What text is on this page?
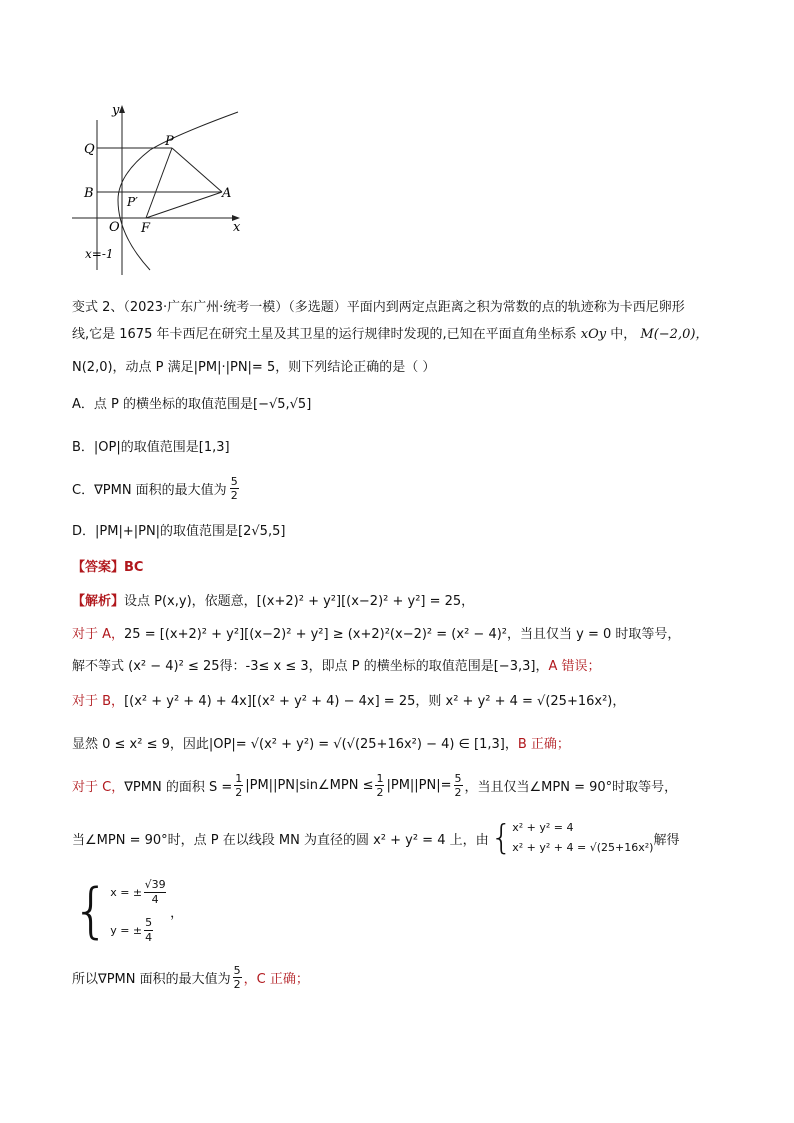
y
x
Q
P
B	A
P′
O F
x=-1
变式 2、（2023·广东广州·统考一模）（多选题）平面内到两定点距离之积为常数的点的轨迹称为卡西尼卵形
线,它是 1675 年卡西尼在研究土星及其卫星的运行规律时发现的,已知在平面直角坐标系 xOy 中， M(−2,0)，
N(2,0)，动点 P 满足|PM|·|PN|= 5，则下列结论正确的是（ ）
A．点 P 的横坐标的取值范围是[−√5,√5]
B．|OP|的取值范围是[1,3]
C．∇PMN 面积的最大值为
5
2
D．|PM|+|PN|的取值范围是[2√5,5]
【答案】BC
【解析】设点 P(x,y)，依题意，[(x+2)² + y²][(x−2)² + y²] = 25，
对于 A，25 = [(x+2)² + y²][(x−2)² + y²] ≥ (x+2)²(x−2)² = (x² − 4)²，当且仅当 y = 0 时取等号，
解不等式 (x² − 4)² ≤ 25得：-3≤ x ≤ 3，即点 P 的横坐标的取值范围是[−3,3]，A 错误；
对于 B，[(x² + y² + 4) + 4x][(x² + y² + 4) − 4x] = 25，则 x² + y² + 4 = √(25+16x²)，
显然 0 ≤ x² ≤ 9，因此|OP|= √(x² + y²) = √(√(25+16x²) − 4) ∈ [1,3]，B 正确；
对于 C， ∇PMN 的面积 S =
1
2 |PM||PN|sin∠MPN ≤ 1
2 |PM||PN|= 5
2 ，当且仅当∠MPN = 90°时取等号，
当∠MPN = 90°时，点 P 在以线段 MN 为直径的圆 x² + y² = 4 上，由 { x² + y² = 4
x² + y² + 4 = √(25+16x²) 解得
{ x = ±
√39
4
y = ±
5
4
，
所以∇PMN 面积的最大值为
5
2 ，C 正确；
